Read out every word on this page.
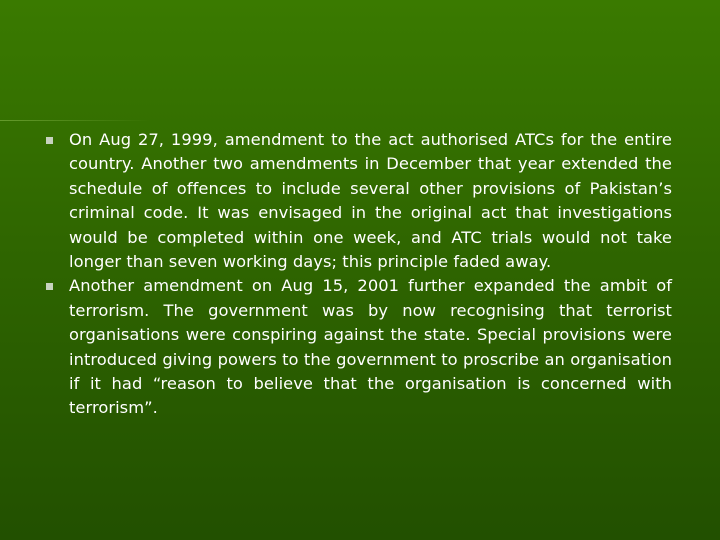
On Aug 27, 1999, amendment to the act authorised ATCs for the entire country. Another two amendments in December that year extended the schedule of offences to include several other provisions of Pakistan’s criminal code. It was envisaged in the original act that investigations would be completed within one week, and ATC trials would not take longer than seven working days; this principle faded away.
Another amendment on Aug 15, 2001 further expanded the ambit of terrorism. The government was by now recognising that terrorist organisations were conspiring against the state. Special provisions were introduced giving powers to the government to proscribe an organisation if it had “reason to believe that the organisation is concerned with terrorism”.
